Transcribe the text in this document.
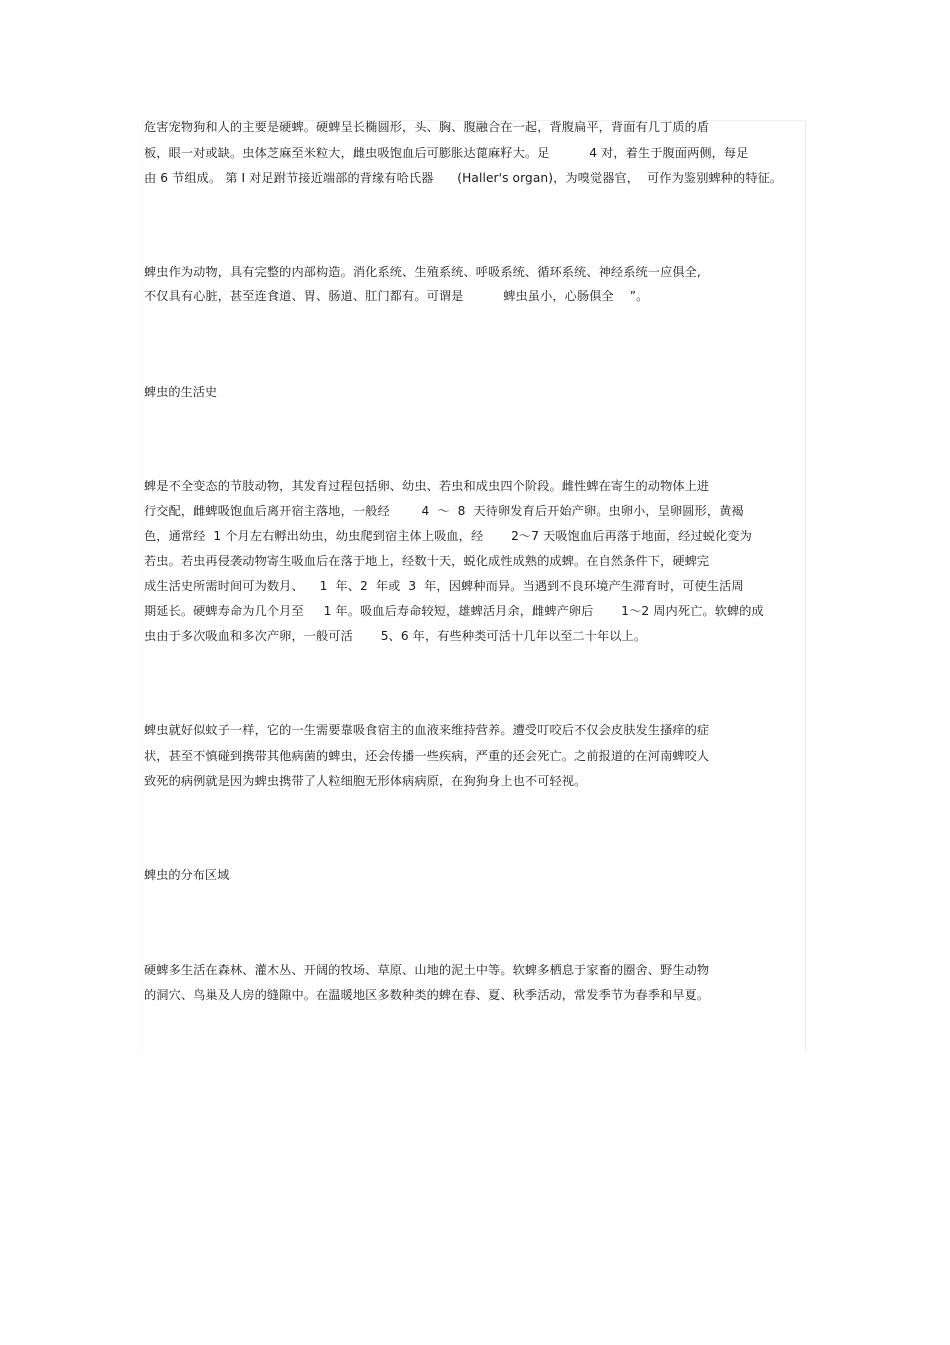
危害宠物狗和人的主要是硬蜱。硬蜱呈长椭圆形，头、胸、腹融合在一起，背腹扁平，背面有几丁质的盾
板，眼一对或缺。虫体芝麻至米粒大，雌虫吸饱血后可膨胀达蓖麻籽大。足          4 对，着生于腹面两侧，每足
由 6 节组成。 第 I 对足跗节接近端部的背缘有哈氏器      (Haller's organ)，为嗅觉器官，  可作为鉴别蜱种的特征。
蜱虫作为动物，具有完整的内部构造。消化系统、生殖系统、呼吸系统、循环系统、神经系统一应俱全,
不仅具有心脏，甚至连食道、胃、肠道、肛门都有。可谓是          蜱虫虽小，心肠俱全    ”。
蜱虫的生活史
蜱是不全变态的节肢动物，其发育过程包括卵、幼虫、若虫和成虫四个阶段。雌性蜱在寄生的动物体上进
行交配，雌蜱吸饱血后离开宿主落地，一般经        4  ～  8  天待卵发育后开始产卵。虫卵小，呈卵圆形，黄褐
色，通常经  1 个月左右孵出幼虫，幼虫爬到宿主体上吸血，经       2～7 天吸饱血后再落于地面，经过蜕化变为
若虫。若虫再侵袭动物寄生吸血后在落于地上，经数十天，蜕化成性成熟的成蜱。在自然条件下，硬蜱完
成生活史所需时间可为数月、    1  年、2  年或  3  年，因蜱种而异。当遇到不良环境产生滞育时，可使生活周
期延长。硬蜱寿命为几个月至     1 年。吸血后寿命较短，雄蜱活月余，雌蜱产卵后       1～2 周内死亡。软蜱的成
虫由于多次吸血和多次产卵，一般可活       5、6 年，有些种类可活十几年以至二十年以上。
蜱虫就好似蚊子一样，它的一生需要靠吸食宿主的血液来维持营养。遭受叮咬后不仅会皮肤发生搔痒的症
状，甚至不慎碰到携带其他病菌的蜱虫，还会传播一些疾病，严重的还会死亡。之前报道的在河南蜱咬人
致死的病例就是因为蜱虫携带了人粒细胞无形体病病原，在狗狗身上也不可轻视。
蜱虫的分布区域
硬蜱多生活在森林、灌木丛、开阔的牧场、草原、山地的泥土中等。软蜱多栖息于家畜的圈舍、野生动物
的洞穴、鸟巢及人房的缝隙中。在温暖地区多数种类的蜱在春、夏、秋季活动，常发季节为春季和早夏。
